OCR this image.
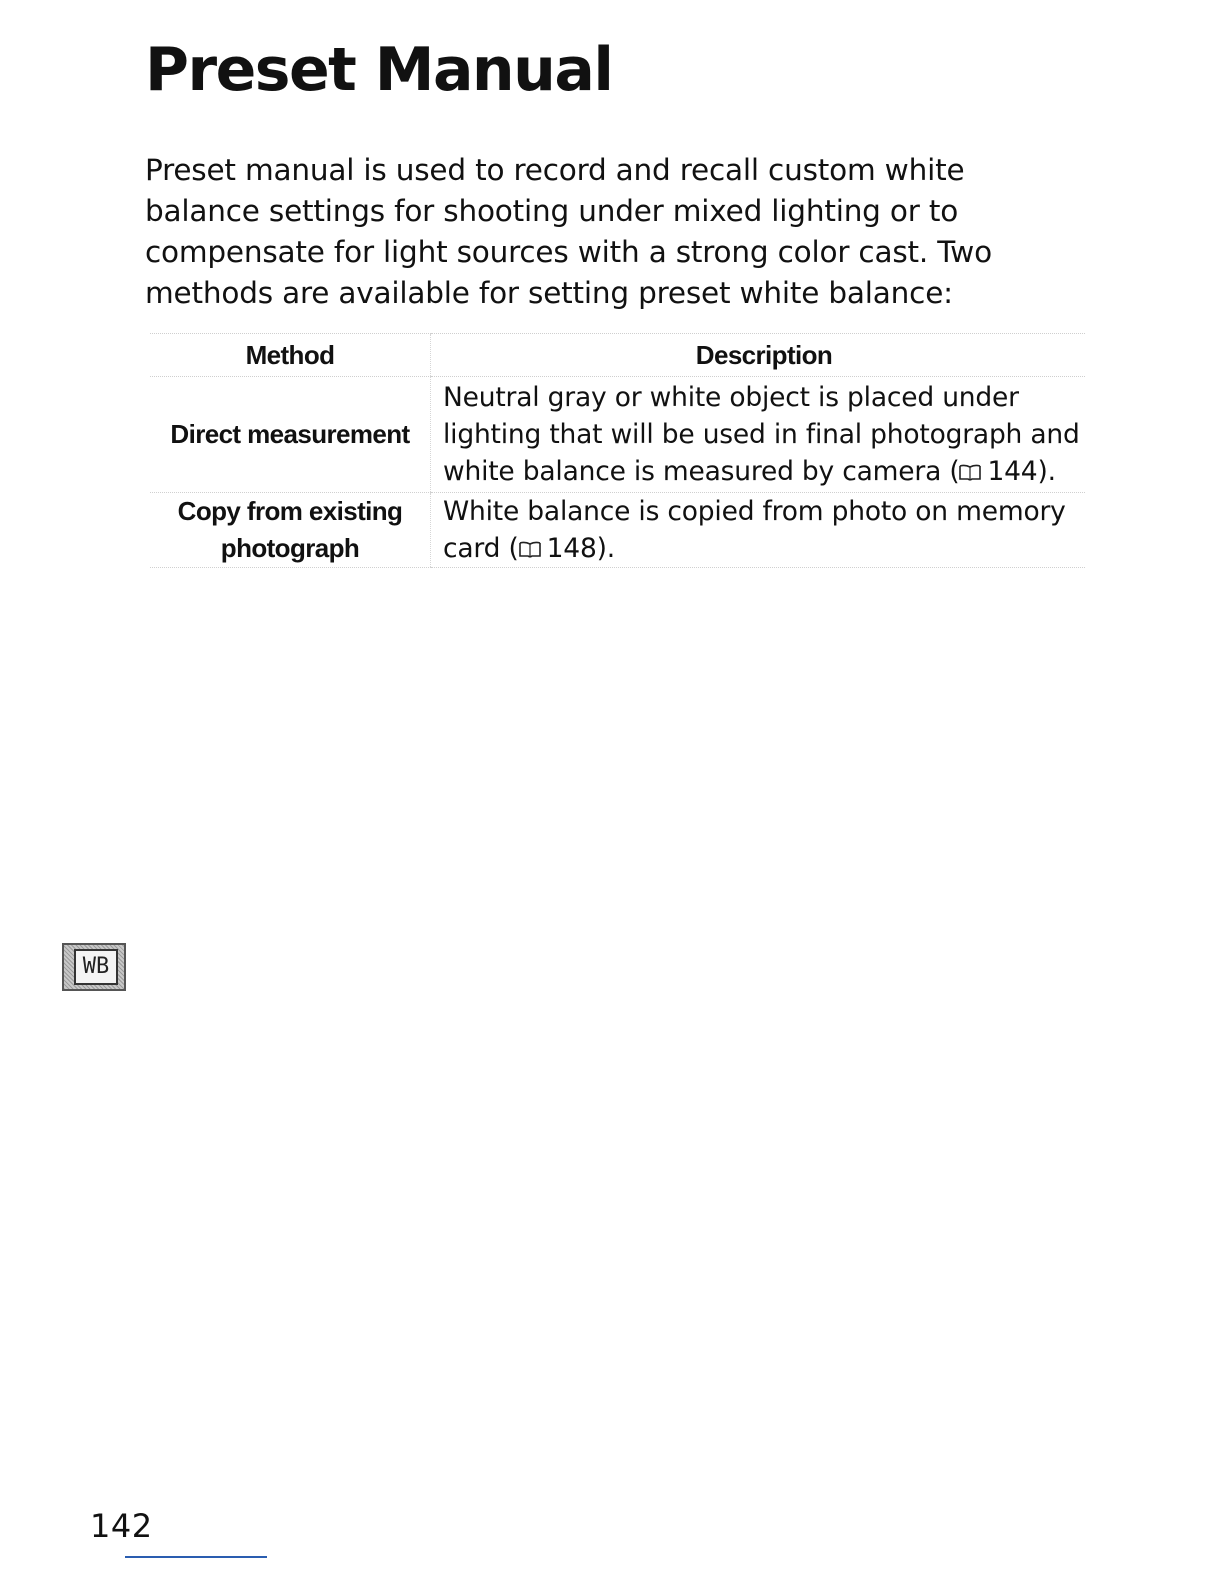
Preset Manual

Preset manual is used to record and recall custom white balance settings for shooting under mixed lighting or to compensate for light sources with a strong color cast. Two methods are available for setting preset white balance:

Method	Description
Direct measurement	Neutral gray or white object is placed under lighting that will be used in final photograph and white balance is measured by camera ( 144).
Copy from existing
photograph	White balance is copied from photo on memory card ( 148).
WB
142
